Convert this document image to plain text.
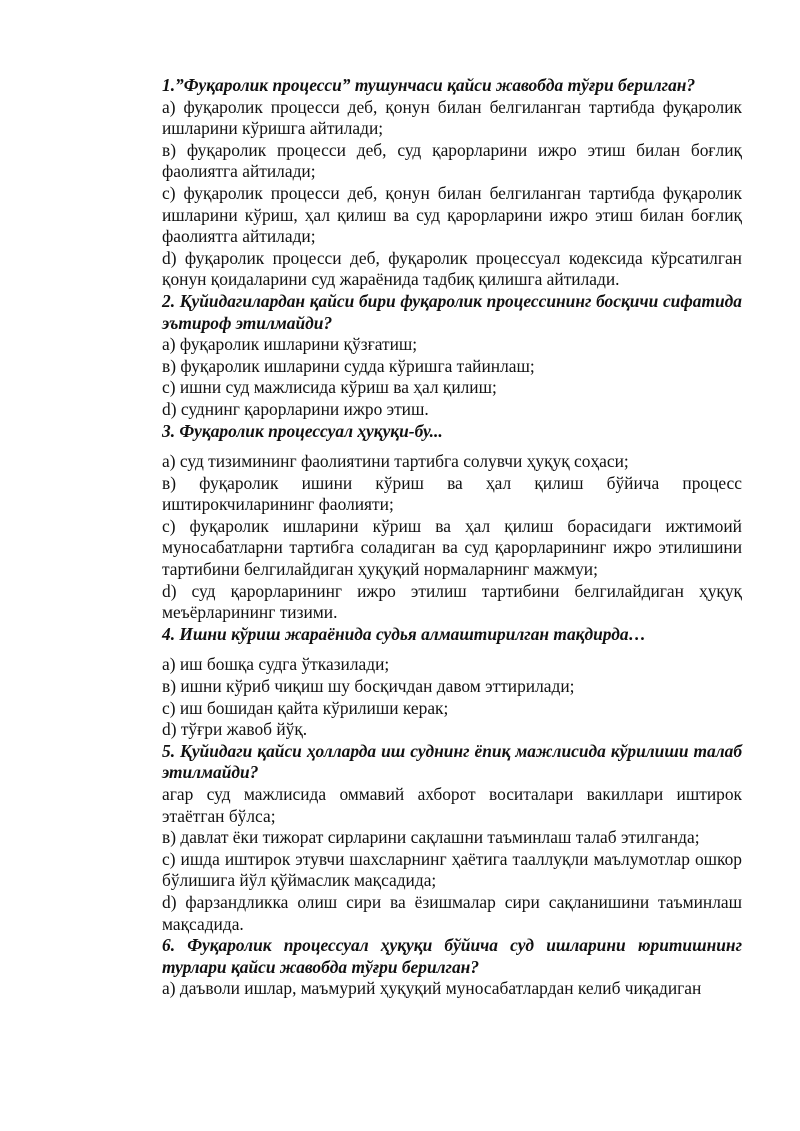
1.”Фуқаролик процесси” тушунчаси қайси жавобда тўғри берилган?
а) фуқаролик процесси деб, қонун билан белгиланган тартибда фуқаролик ишларини кўришга айтилади;
в) фуқаролик процесси деб, суд қарорларини ижро этиш билан боғлиқ фаолиятга айтилади;
с) фуқаролик процесси деб, қонун билан белгиланган тартибда фуқаролик ишларини кўриш, ҳал қилиш ва суд қарорларини ижро этиш билан боғлиқ фаолиятга айтилади;
d) фуқаролик процесси деб, фуқаролик процессуал кодексида кўрсатилган қонун қоидаларини суд жараёнида тадбиқ қилишга айтилади.
2. Қуйидагилардан қайси бири фуқаролик процессининг босқичи сифатида эътироф этилмайди?
а) фуқаролик ишларини қўзғатиш;
в) фуқаролик ишларини судда кўришга тайинлаш;
с) ишни суд мажлисида кўриш ва ҳал қилиш;
d) суднинг қарорларини ижро этиш.
3. Фуқаролик процессуал ҳуқуқи-бу...
а) суд тизимининг фаолиятини тартибга солувчи ҳуқуқ соҳаси;
в) фуқаролик ишини кўриш ва ҳал қилиш бўйича процесс иштирокчиларининг фаолияти;
с) фуқаролик ишларини кўриш ва ҳал қилиш борасидаги ижтимоий муносабатларни тартибга соладиган ва суд қарорларининг ижро этилишини тартибини белгилайдиган ҳуқуқий нормаларнинг мажмуи;
d) суд қарорларининг ижро этилиш тартибини белгилайдиган ҳуқуқ меъёрларининг тизими.
4. Ишни кўриш жараёнида судья алмаштирилган тақдирда…
а) иш бошқа судга ўтказилади;
в) ишни кўриб чиқиш шу босқичдан давом эттирилади;
с) иш бошидан қайта кўрилиши керак;
d) тўғри жавоб йўқ.
5. Қуйидаги қайси ҳолларда иш суднинг ёпиқ мажлисида кўрилиши талаб этилмайди?
агар суд мажлисида оммавий ахборот воситалари вакиллари иштирок этаётган бўлса;
в) давлат ёки тижорат сирларини сақлашни таъминлаш талаб этилганда;
с) ишда иштирок этувчи шахсларнинг ҳаётига тааллуқли маълумотлар ошкор бўлишига йўл қўймаслик мақсадида;
d) фарзандликка олиш сири ва ёзишмалар сири сақланишини таъминлаш мақсадида.
6. Фуқаролик процессуал ҳуқуқи бўйича суд ишларини юритишнинг турлари қайси жавобда тўғри берилган?
а) даъволи ишлар, маъмурий ҳуқуқий муносабатлардан келиб чиқадиган
